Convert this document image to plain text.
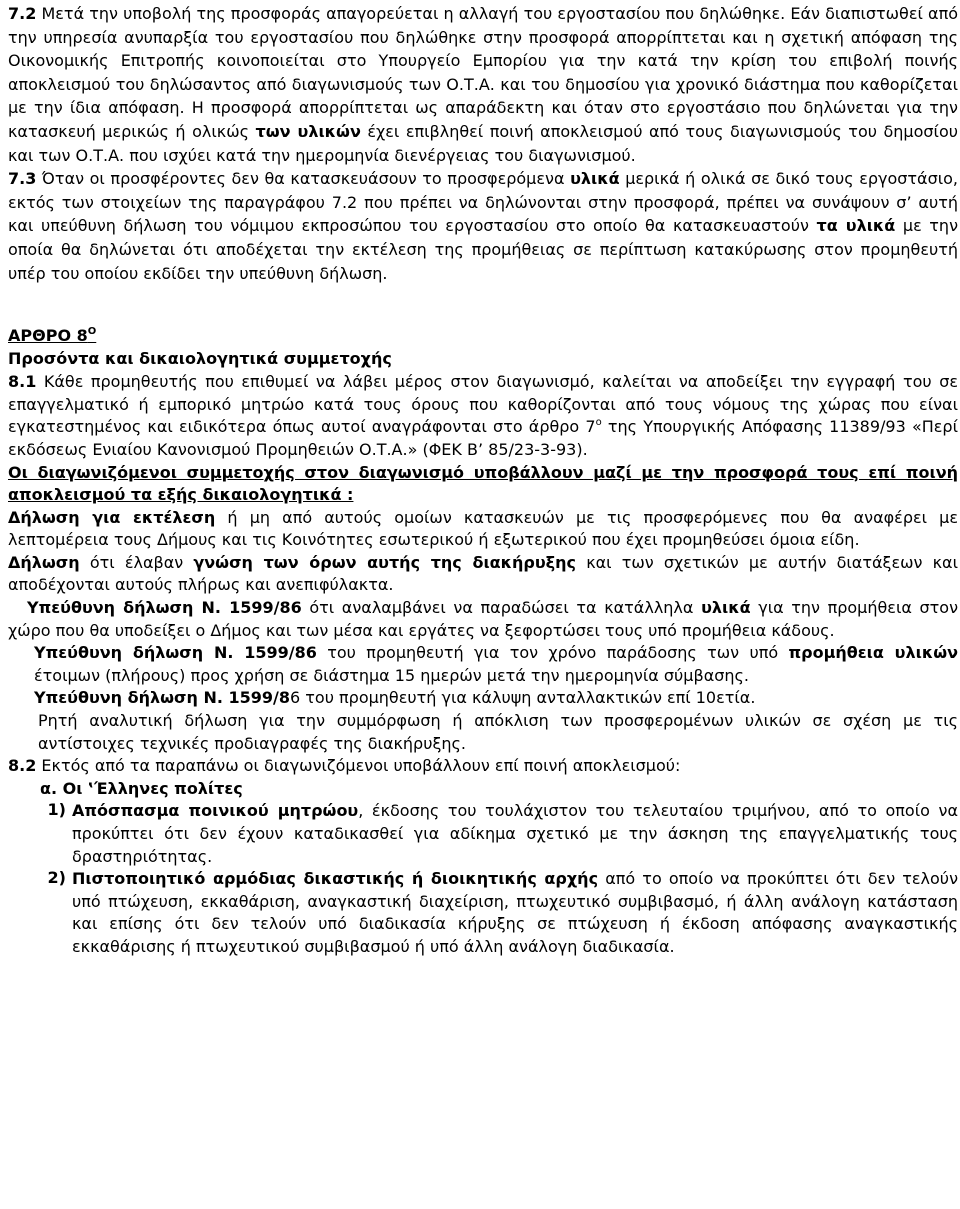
7.2 Μετά την υποβολή της προσφοράς απαγορεύεται η αλλαγή του εργοστασίου που δηλώθηκε. Εάν διαπιστωθεί από την υπηρεσία ανυπαρξία του εργοστασίου που δηλώθηκε στην προσφορά απορρίπτεται και η σχετική απόφαση της Οικονομικής Επιτροπής κοινοποιείται στο Υπουργείο Εμπορίου για την κατά την κρίση του επιβολή ποινής αποκλεισμού του δηλώσαντος από διαγωνισμούς των Ο.Τ.Α. και του δημοσίου για χρονικό διάστημα που καθορίζεται με την ίδια απόφαση. Η προσφορά απορρίπτεται ως απαράδεκτη και όταν στο εργοστάσιο που δηλώνεται για την κατασκευή μερικώς ή ολικώς των υλικών έχει επιβληθεί ποινή αποκλεισμού από τους διαγωνισμούς του δημοσίου και των Ο.Τ.Α. που ισχύει κατά την ημερομηνία διενέργειας του διαγωνισμού.

7.3 Όταν οι προσφέροντες δεν θα κατασκευάσουν το προσφερόμενα υλικά μερικά ή ολικά σε δικό τους εργοστάσιο, εκτός των στοιχείων της παραγράφου 7.2 που πρέπει να δηλώνονται στην προσφορά, πρέπει να συνάψουν σ’ αυτή και υπεύθυνη δήλωση του νόμιμου εκπροσώπου του εργοστασίου στο οποίο θα κατασκευαστούν τα υλικά με την οποία θα δηλώνεται ότι αποδέχεται την εκτέλεση της προμήθειας σε περίπτωση κατακύρωσης στον προμηθευτή υπέρ του οποίου εκδίδει την υπεύθυνη δήλωση.

ΑΡΘΡΟ $8^O$
Προσόντα και δικαιολογητικά συμμετοχής

8.1 Κάθε προμηθευτής που επιθυμεί να λάβει μέρος στον διαγωνισμό, καλείται να αποδείξει την εγγραφή του σε επαγγελματικό ή εμπορικό μητρώο κατά τους όρους που καθορίζονται από τους νόμους της χώρας που είναι εγκατεστημένος και ειδικότερα όπως αυτοί αναγράφονται στο άρθρο $7^o$ της Υπουργικής Απόφασης 11389/93 «Περί εκδόσεως Ενιαίου Κανονισμού Προμηθειών Ο.Τ.Α.» (ΦΕΚ Β’ 85/23-3-93).

Οι διαγωνιζόμενοι συμμετοχής στον διαγωνισμό υποβάλλουν μαζί με την προσφορά τους επί ποινή αποκλεισμού τα εξής δικαιολογητικά :

Δήλωση για εκτέλεση ή μη από αυτούς ομοίων κατασκευών με τις προσφερόμενες που θα αναφέρει με λεπτομέρεια τους Δήμους και τις Κοινότητες εσωτερικού ή εξωτερικού που έχει προμηθεύσει όμοια είδη.

Δήλωση ότι έλαβαν γνώση των όρων αυτής της διακήρυξης και των σχετικών με αυτήν διατάξεων και αποδέχονται αυτούς πλήρως και ανεπιφύλακτα.

Υπεύθυνη δήλωση Ν. 1599/86 ότι αναλαμβάνει να παραδώσει τα κατάλληλα υλικά για την προμήθεια στον χώρο που θα υποδείξει ο Δήμος και των μέσα και εργάτες να ξεφορτώσει τους υπό προμήθεια κάδους.

Υπεύθυνη δήλωση Ν. 1599/86 του προμηθευτή για τον χρόνο παράδοσης των υπό προμήθεια υλικών έτοιμων (πλήρους) προς χρήση σε διάστημα 15 ημερών μετά την ημερομηνία σύμβασης.

Υπεύθυνη δήλωση Ν. 1599/86 του προμηθευτή για κάλυψη ανταλλακτικών επί 10ετία.

Ρητή αναλυτική δήλωση για την συμμόρφωση ή απόκλιση των προσφερομένων υλικών σε σχέση με τις αντίστοιχες τεχνικές προδιαγραφές της διακήρυξης.

8.2 Εκτός από τα παραπάνω οι διαγωνιζόμενοι υποβάλλουν επί ποινή αποκλεισμού:

α. Οι ‛Έλληνες πολίτες

1) Απόσπασμα ποινικού μητρώου, έκδοσης του τουλάχιστον του τελευταίου τριμήνου, από το οποίο να προκύπτει ότι δεν έχουν καταδικασθεί για αδίκημα σχετικό με την άσκηση της επαγγελματικής τους δραστηριότητας.

2) Πιστοποιητικό αρμόδιας δικαστικής ή διοικητικής αρχής από το οποίο να προκύπτει ότι δεν τελούν υπό πτώχευση, εκκαθάριση, αναγκαστική διαχείριση, πτωχευτικό συμβιβασμό, ή άλλη ανάλογη κατάσταση και επίσης ότι δεν τελούν υπό διαδικασία κήρυξης σε πτώχευση ή έκδοση απόφασης αναγκαστικής εκκαθάρισης ή πτωχευτικού συμβιβασμού ή υπό άλλη ανάλογη διαδικασία.
